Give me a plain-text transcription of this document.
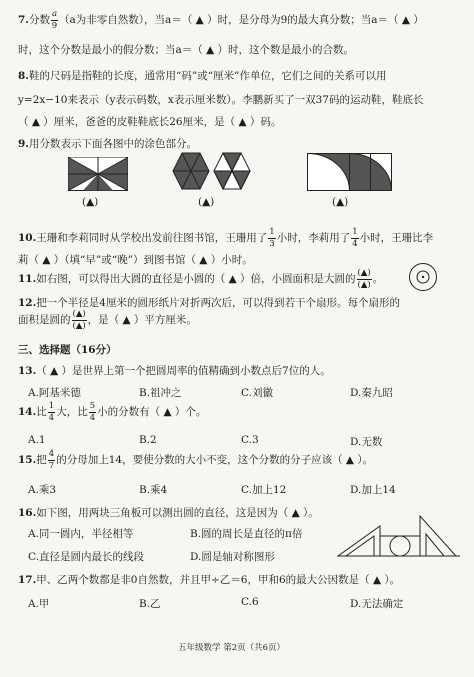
7.分数 $\frac{a}{9} (a$为非零自然数），当a＝（ ▲ ）时，是分母为9的最大真分数；当a＝（ ▲ ）
时，这个分数是最小的假分数；当a＝（ ▲ ）时，这个数是最小的合数。
8.鞋的尺码是指鞋的长度，通常用“码”或“厘米”作单位，它们之间的关系可以用
y=2x−10来表示（y表示码数，x表示厘米数）。李鹏新买了一双37码的运动鞋，鞋底长
（ ▲ ）厘米，爸爸的皮鞋鞋底长26厘米，是（ ▲ ）码。
9.用分数表示下面各图中的涂色部分。
(▲)	(▲)	(▲)
10.王珊和李莉同时从学校出发前往图书馆，王珊用了 $\frac{1}{3}$ 小时，李莉用了 $\frac{1}{4}$ 小时，王珊比李
莉（ ▲ ）（填“早”或“晚”）到图书馆（ ▲ ）小时。
11.如右图，可以得出大圆的直径是小圆的（ ▲ ）倍，小圆面积是大圆的 $\frac{(▲)}{(▲)}$ 。
12.把一个半径是4厘米的圆形纸片对折两次后，可以得到若干个扇形。每个扇形的
面积是圆的 $\frac{(▲)}{(▲)}$ ，是（ ▲ ）平方厘米。
三、选择题（16分）
13.（ ▲ ）是世界上第一个把圆周率的值精确到小数点后7位的人。
A.阿基米德	B.祖冲之	C.刘徽	D.秦九昭
14.比 $\frac{1}{4}$ 大，比 $\frac{5}{4}$ 小的分数有（ ▲ ）个。
A.1	B.2	C.3	D.无数
15.把 $\frac{4}{7}$ 的分母加上14，要使分数的大小不变，这个分数的分子应该（ ▲ ）。
A.乘3	B.乘4	C.加上12	D.加上14
16.如下图，用两块三角板可以测出圆的直径，这是因为（ ▲ ）。
A.同一圆内，半径相等	B.圆的周长是直径的π倍
C.直径是圆内最长的线段	D.圆是轴对称图形
17.甲、乙两个数都是非0自然数，并且甲÷乙＝6，甲和6的最大公因数是（ ▲ ）。
A.甲	B.乙	C.6	D.无法确定
五年级数学 第2页（共6页）
